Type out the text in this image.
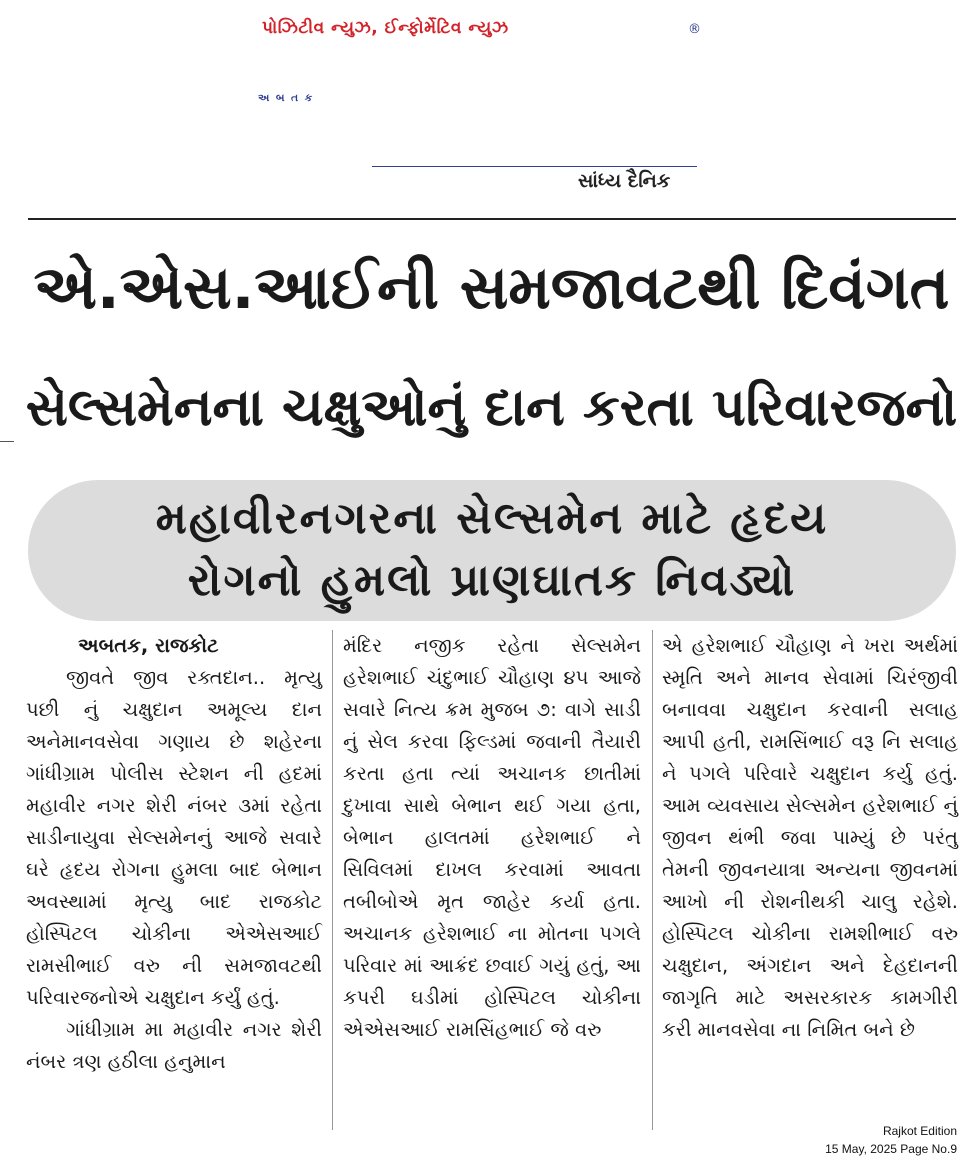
પોઝિટીવ ન્યુઝ, ઈન્ફોર્મેટિવ ન્યુઝ	®
અબતક
સાંધ્ય દૈનિક
એ.એસ.આઈની સમજાવટથી દિવંગત
સેલ્સમેનના ચક્ષુઓનું દાન કરતા પરિવારજનો
મહાવીરનગરના સેલ્સમેન માટે હૃદય
રોગનો હુમલો પ્રાણઘાતક નિવડ્યો

અબતક, રાજકોટ

જીવતે જીવ રક્તદાન.. મૃત્યુ પછી નું ચક્ષુદાન અમૂલ્ય દાન અનેમાનવસેવા ગણાય છે શહેરના ગાંધીગ્રામ પોલીસ સ્ટેશન ની હદમાં મહાવીર નગર શેરી નંબર ૩માં રહેતા સાડીનાયુવા સેલ્સમેનનું આજે સવારે ઘરે હૃદય રોગના હુમલા બાદ બેભાન અવસ્થામાં મૃત્યુ બાદ રાજકોટ હોસ્પિટલ ચોકીના એએસઆઈ રામસીભાઈ વરુ ની સમજાવટથી પરિવારજનોએ ચક્ષુદાન કર્યું હતું.

ગાંધીગ્રામ મા મહાવીર નગર શેરી નંબર ત્રણ હઠીલા હનુમાન

મંદિર નજીક રહેતા સેલ્સમેન હરેશભાઈ ચંદુભાઈ ચૌહાણ ૪૫ આજે સવારે નિત્ય ક્રમ મુજબ ૭: વાગે સાડી નું સેલ કરવા ફિલ્ડમાં જવાની તૈયારી કરતા હતા ત્યાં અચાનક છાતીમાં દુખાવા સાથે બેભાન થઈ ગયા હતા, બેભાન હાલતમાં હરેશભાઈ ને સિવિલમાં દાખલ કરવામાં આવતા તબીબોએ મૃત જાહેર કર્યા હતા. અચાનક હરેશભાઈ ના મોતના પગલે પરિવાર માં આક્રંદ છવાઈ ગયું હતું, આ કપરી ઘડીમાં હોસ્પિટલ ચોકીના એએસઆઈ રામસિંહભાઈ જે વરુ

એ હરેશભાઈ ચૌહાણ ને ખરા અર્થમાં સ્મૃતિ અને માનવ સેવામાં ચિરંજીવી બનાવવા ચક્ષુદાન કરવાની સલાહ આપી હતી, રામસિંભાઈ વરૂ નિ સલાહ ને પગલે પરિવારે ચક્ષુદાન કર્યુ હતું. આમ વ્યવસાય સેલ્સમેન હરેશભાઈ નું જીવન થંભી જવા પામ્યું છે પરંતુ તેમની જીવનયાત્રા અન્યના જીવનમાં આખો ની રોશનીથકી ચાલુ રહેશે. હોસ્પિટલ ચોકીના રામશીભાઈ વરુ ચક્ષુદાન, અંગદાન અને દેહદાનની જાગૃતિ માટે અસરકારક કામગીરી કરી માનવસેવા ના નિમિત બને છે

Rajkot Edition
15 May, 2025 Page No.9
